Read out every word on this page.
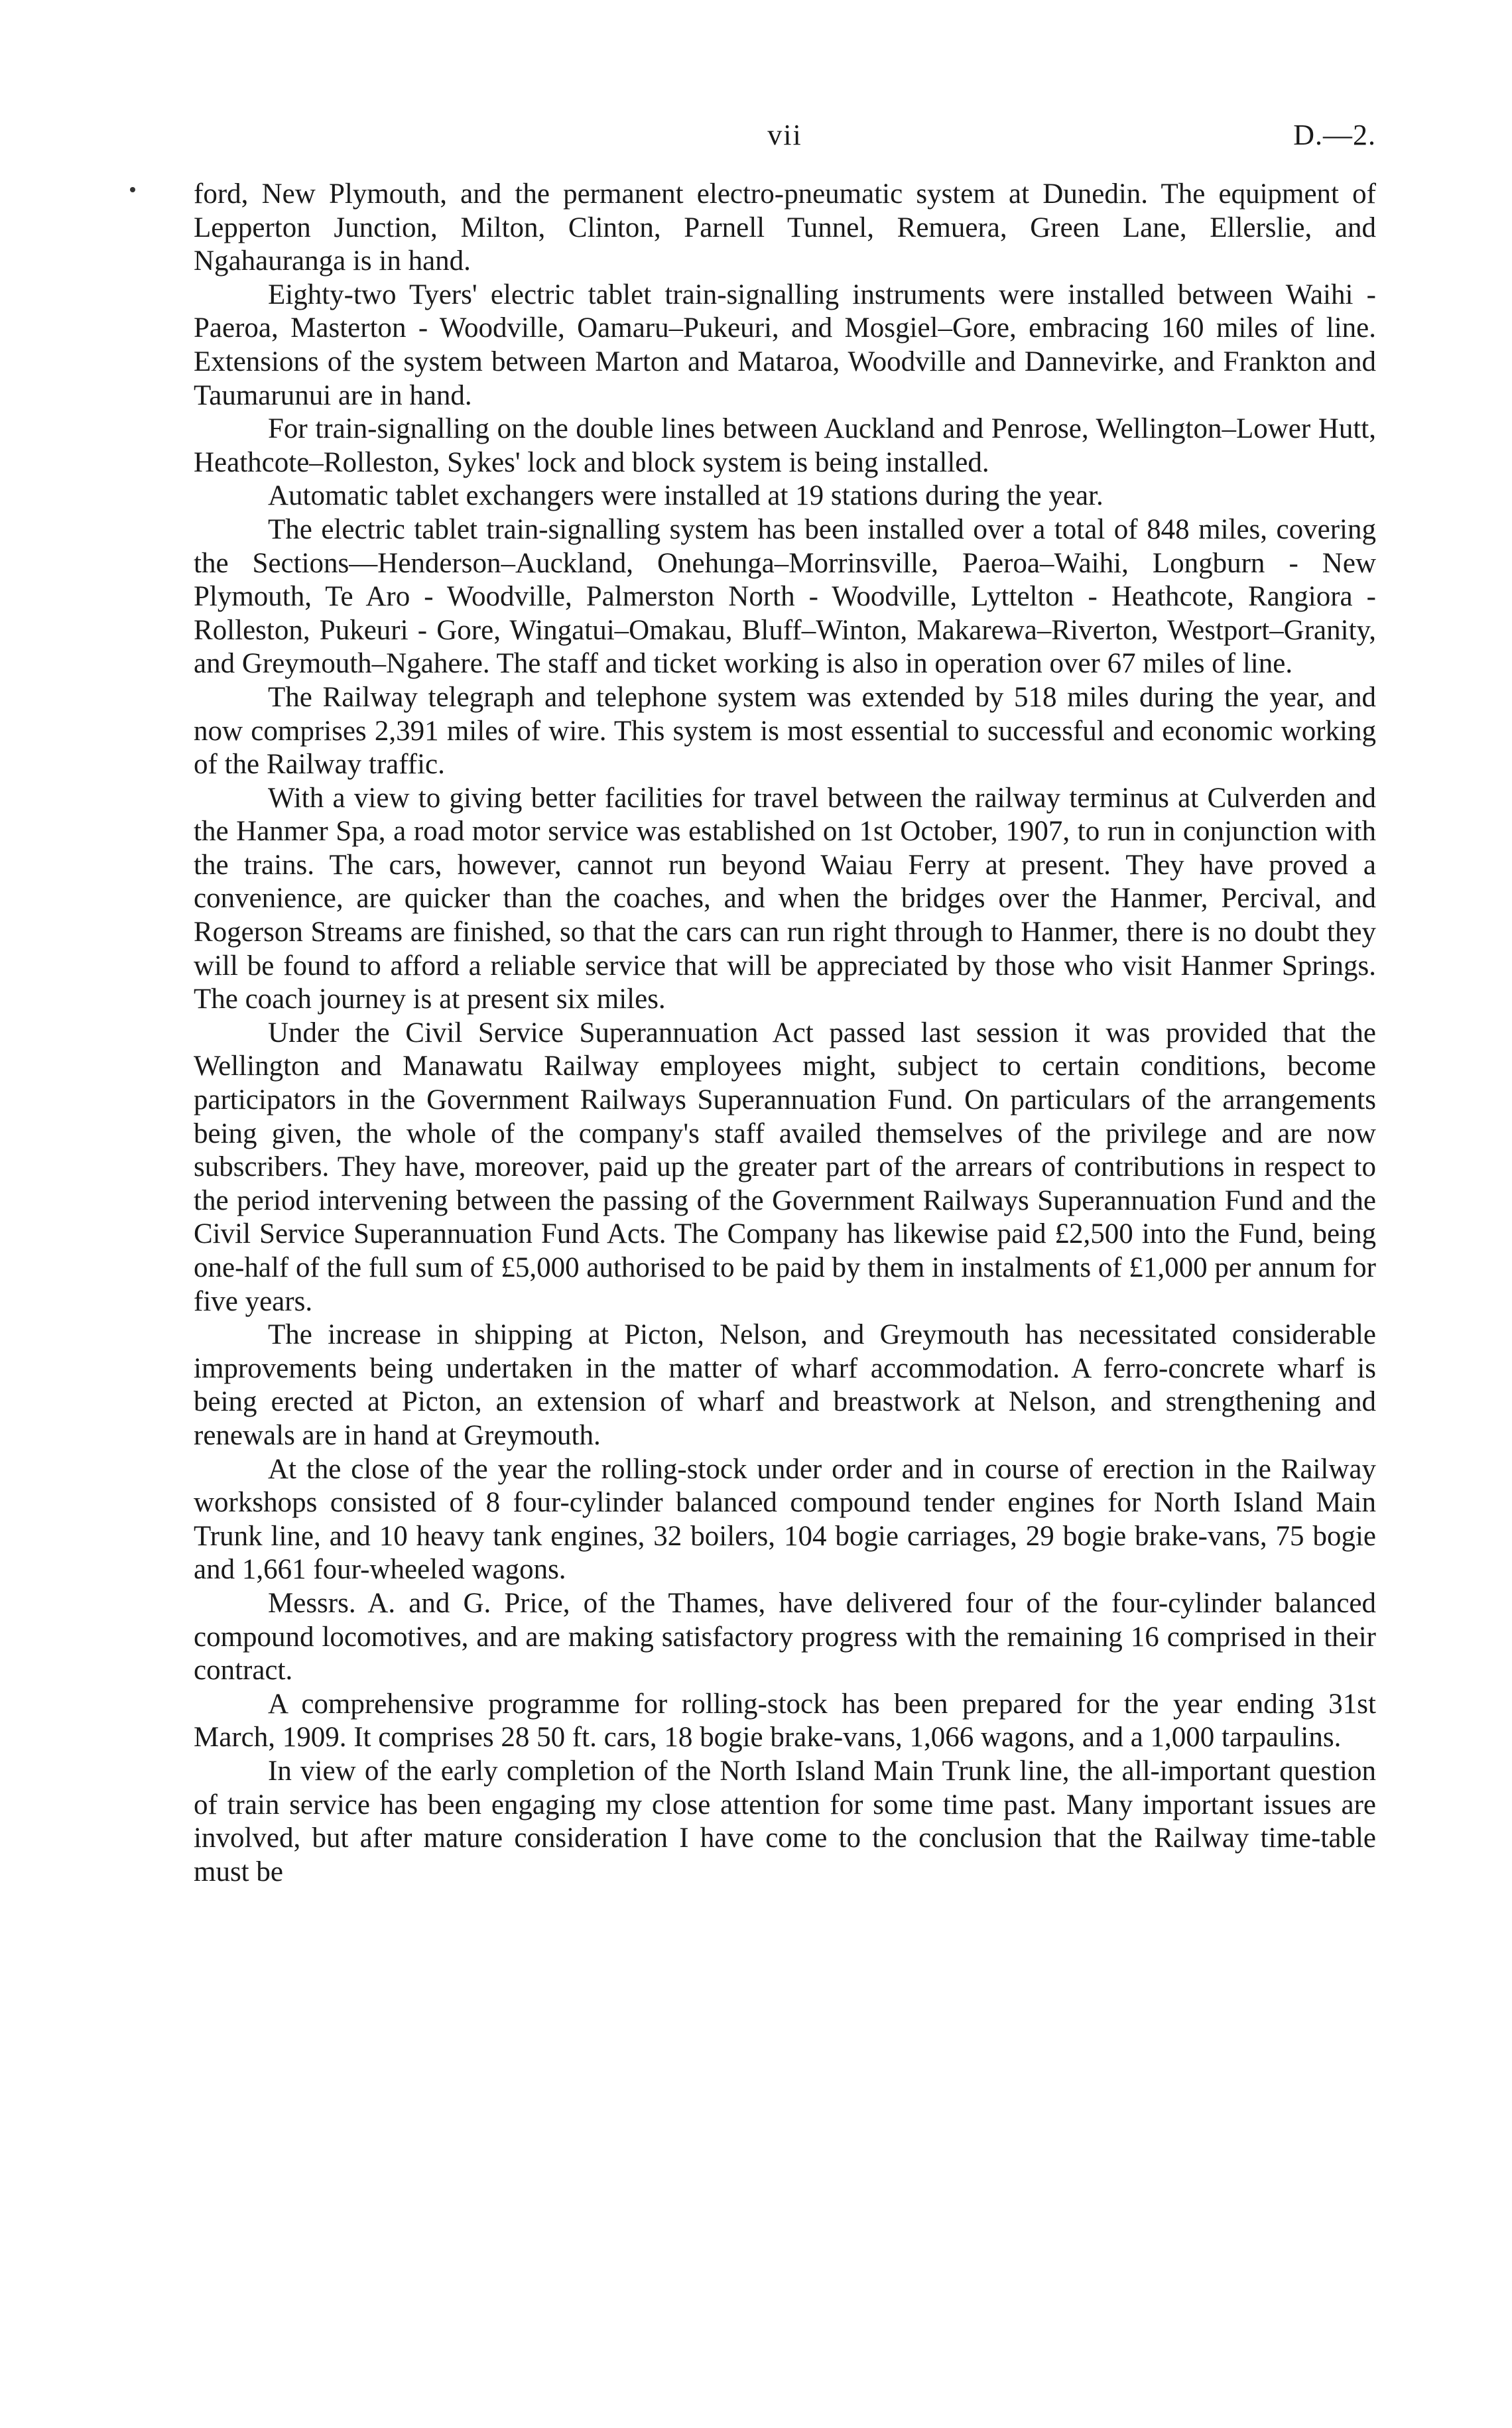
vii	D.—2.

ford, New Plymouth, and the permanent electro-pneumatic system at Dunedin. The equipment of Lepperton Junction, Milton, Clinton, Parnell Tunnel, Remuera, Green Lane, Ellerslie, and Ngahauranga is in hand.

Eighty-two Tyers' electric tablet train-signalling instruments were installed between Waihi - Paeroa, Masterton - Woodville, Oamaru–Pukeuri, and Mosgiel–Gore, embracing 160 miles of line. Extensions of the system between Marton and Mataroa, Woodville and Dannevirke, and Frankton and Taumarunui are in hand.

For train-signalling on the double lines between Auckland and Penrose, Wellington–Lower Hutt, Heathcote–Rolleston, Sykes' lock and block system is being installed.

Automatic tablet exchangers were installed at 19 stations during the year.

The electric tablet train-signalling system has been installed over a total of 848 miles, covering the Sections—Henderson–Auckland, Onehunga–Morrinsville, Paeroa–Waihi, Longburn - New Plymouth, Te Aro - Woodville, Palmerston North - Woodville, Lyttelton - Heathcote, Rangiora - Rolleston, Pukeuri - Gore, Wingatui–Omakau, Bluff–Winton, Makarewa–Riverton, Westport–Granity, and Greymouth–Ngahere. The staff and ticket working is also in operation over 67 miles of line.

The Railway telegraph and telephone system was extended by 518 miles during the year, and now comprises 2,391 miles of wire. This system is most essential to successful and economic working of the Railway traffic.

With a view to giving better facilities for travel between the railway terminus at Culverden and the Hanmer Spa, a road motor service was established on 1st October, 1907, to run in conjunction with the trains. The cars, however, cannot run beyond Waiau Ferry at present. They have proved a convenience, are quicker than the coaches, and when the bridges over the Hanmer, Percival, and Rogerson Streams are finished, so that the cars can run right through to Hanmer, there is no doubt they will be found to afford a reliable service that will be appreciated by those who visit Hanmer Springs. The coach journey is at present six miles.

Under the Civil Service Superannuation Act passed last session it was provided that the Wellington and Manawatu Railway employees might, subject to certain conditions, become participators in the Government Railways Superannuation Fund. On particulars of the arrangements being given, the whole of the company's staff availed themselves of the privilege and are now subscribers. They have, moreover, paid up the greater part of the arrears of contributions in respect to the period intervening between the passing of the Government Railways Superannuation Fund and the Civil Service Superannuation Fund Acts. The Company has likewise paid £2,500 into the Fund, being one-half of the full sum of £5,000 authorised to be paid by them in instalments of £1,000 per annum for five years.

The increase in shipping at Picton, Nelson, and Greymouth has necessitated considerable improvements being undertaken in the matter of wharf accommodation. A ferro-concrete wharf is being erected at Picton, an extension of wharf and breastwork at Nelson, and strengthening and renewals are in hand at Greymouth.

At the close of the year the rolling-stock under order and in course of erection in the Railway workshops consisted of 8 four-cylinder balanced compound tender engines for North Island Main Trunk line, and 10 heavy tank engines, 32 boilers, 104 bogie carriages, 29 bogie brake-vans, 75 bogie and 1,661 four-wheeled wagons.

Messrs. A. and G. Price, of the Thames, have delivered four of the four-cylinder balanced compound locomotives, and are making satisfactory progress with the remaining 16 comprised in their contract.

A comprehensive programme for rolling-stock has been prepared for the year ending 31st March, 1909. It comprises 28 50 ft. cars, 18 bogie brake-vans, 1,066 wagons, and a 1,000 tarpaulins.

In view of the early completion of the North Island Main Trunk line, the all-important question of train service has been engaging my close attention for some time past. Many important issues are involved, but after mature consideration I have come to the conclusion that the Railway time-table must be
